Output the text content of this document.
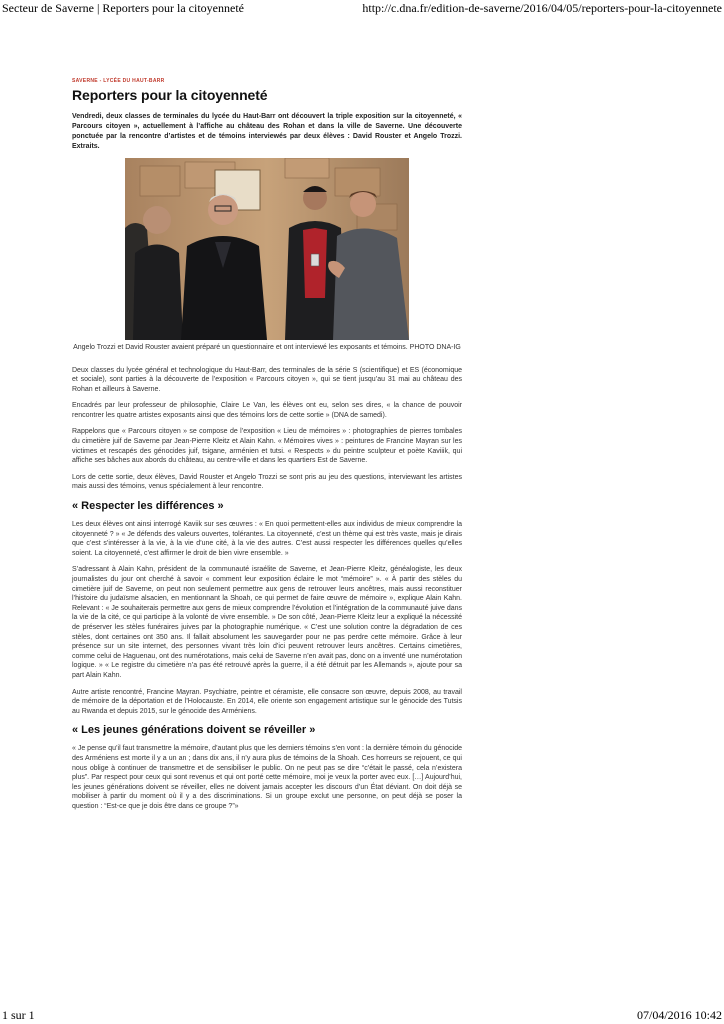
Secteur de Saverne | Reporters pour la citoyenneté	http://c.dna.fr/edition-de-saverne/2016/04/05/reporters-pour-la-citoyennete
SAVERNE - LYCÉE DU HAUT-BARR
Reporters pour la citoyenneté

Vendredi, deux classes de terminales du lycée du Haut-Barr ont découvert la triple exposition sur la citoyenneté, « Parcours citoyen », actuellement à l’affiche au château des Rohan et dans la ville de Saverne. Une découverte ponctuée par la rencontre d’artistes et de témoins interviewés par deux élèves : David Rouster et Angelo Trozzi. Extraits.

Angelo Trozzi et David Rouster avaient préparé un questionnaire et ont interviewé les exposants et témoins. PHOTO DNA-IG

Deux classes du lycée général et technologique du Haut-Barr, des terminales de la série S (scientifique) et ES (économique et sociale), sont parties à la découverte de l’exposition « Parcours citoyen », qui se tient jusqu’au 31 mai au château des Rohan et ailleurs à Saverne.

Encadrés par leur professeur de philosophie, Claire Le Van, les élèves ont eu, selon ses dires, « la chance de pouvoir rencontrer les quatre artistes exposants ainsi que des témoins lors de cette sortie » (DNA de samedi).

Rappelons que « Parcours citoyen » se compose de l’exposition « Lieu de mémoires » : photographies de pierres tombales du cimetière juif de Saverne par Jean-Pierre Kleitz et Alain Kahn. « Mémoires vives » : peintures de Francine Mayran sur les victimes et rescapés des génocides juif, tsigane, arménien et tutsi. « Respects » du peintre sculpteur et poète Kaviiik, qui affiche ses bâches aux abords du château, au centre-ville et dans les quartiers Est de Saverne.

Lors de cette sortie, deux élèves, David Rouster et Angelo Trozzi se sont pris au jeu des questions, interviewant les artistes mais aussi des témoins, venus spécialement à leur rencontre.

« Respecter les différences »

Les deux élèves ont ainsi interrogé Kaviik sur ses œuvres : « En quoi permettent-elles aux individus de mieux comprendre la citoyenneté ? » « Je défends des valeurs ouvertes, tolérantes. La citoyenneté, c’est un thème qui est très vaste, mais je dirais que c’est s’intéresser à la vie, à la vie d’une cité, à la vie des autres. C’est aussi respecter les différences quelles qu’elles soient. La citoyenneté, c’est affirmer le droit de bien vivre ensemble. »

S’adressant à Alain Kahn, président de la communauté israélite de Saverne, et Jean-Pierre Kleitz, généalogiste, les deux journalistes du jour ont cherché à savoir « comment leur exposition éclaire le mot “mémoire” ». « À partir des stèles du cimetière juif de Saverne, on peut non seulement permettre aux gens de retrouver leurs ancêtres, mais aussi reconstituer l’histoire du judaïsme alsacien, en mentionnant la Shoah, ce qui permet de faire œuvre de mémoire », explique Alain Kahn. Relevant : « Je souhaiterais permettre aux gens de mieux comprendre l’évolution et l’intégration de la communauté juive dans la vie de la cité, ce qui participe à la volonté de vivre ensemble. » De son côté, Jean-Pierre Kleitz leur a expliqué la nécessité de préserver les stèles funéraires juives par la photographie numérique. « C’est une solution contre la dégradation de ces stèles, dont certaines ont 350 ans. Il fallait absolument les sauvegarder pour ne pas perdre cette mémoire. Grâce à leur présence sur un site internet, des personnes vivant très loin d’ici peuvent retrouver leurs ancêtres. Certains cimetières, comme celui de Haguenau, ont des numérotations, mais celui de Saverne n’en avait pas, donc on a inventé une numérotation logique. » « Le registre du cimetière n’a pas été retrouvé après la guerre, il a été détruit par les Allemands », ajoute pour sa part Alain Kahn.

Autre artiste rencontré, Francine Mayran. Psychiatre, peintre et céramiste, elle consacre son œuvre, depuis 2008, au travail de mémoire de la déportation et de l’Holocauste. En 2014, elle oriente son engagement artistique sur le génocide des Tutsis au Rwanda et depuis 2015, sur le génocide des Arméniens.

« Les jeunes générations doivent se réveiller »

« Je pense qu’il faut transmettre la mémoire, d’autant plus que les derniers témoins s’en vont : la dernière témoin du génocide des Arméniens est morte il y a un an ; dans dix ans, il n’y aura plus de témoins de la Shoah. Ces horreurs se rejouent, ce qui nous oblige à continuer de transmettre et de sensibiliser le public. On ne peut pas se dire “c’était le passé, cela n’existera plus”. Par respect pour ceux qui sont revenus et qui ont porté cette mémoire, moi je veux la porter avec eux. […] Aujourd’hui, les jeunes générations doivent se réveiller, elles ne doivent jamais accepter les discours d’un État déviant. On doit déjà se mobiliser à partir du moment où il y a des discriminations. Si un groupe exclut une personne, on peut déjà se poser la question : “Est-ce que je dois être dans ce groupe ?”»

1 sur 1	07/04/2016 10:42
